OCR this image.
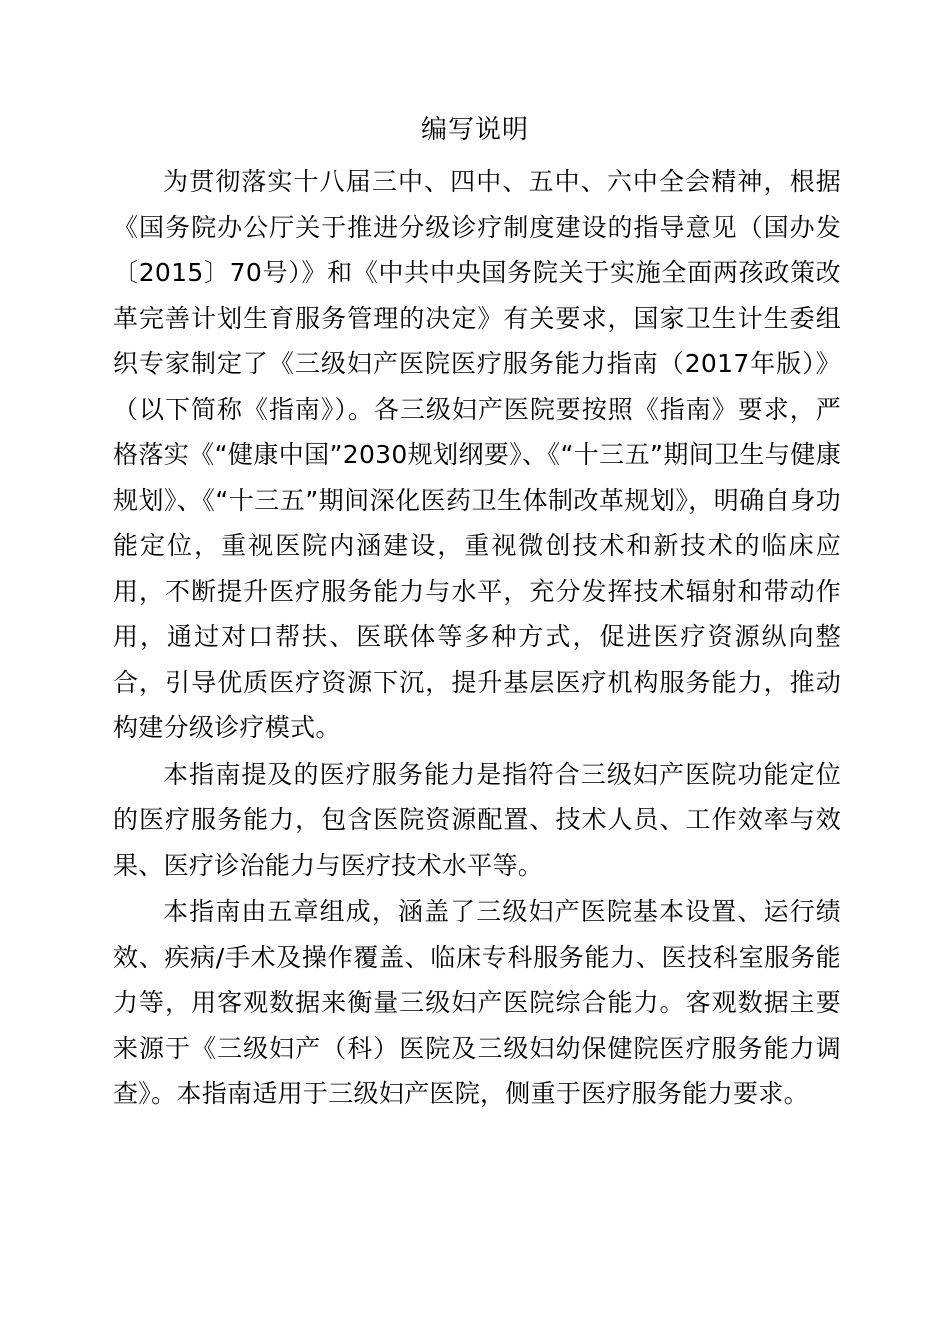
编写说明

为贯彻落实十八届三中、四中、五中、六中全会精神，根据《国务院办公厅关于推进分级诊疗制度建设的指导意见（国办发〔2015〕70号）》和《中共中央国务院关于实施全面两孩政策改革完善计划生育服务管理的决定》有关要求，国家卫生计生委组织专家制定了《三级妇产医院医疗服务能力指南（2017年版）》（以下简称《指南》）。各三级妇产医院要按照《指南》要求，严格落实《“健康中国”2030规划纲要》、《“十三五”期间卫生与健康规划》、《“十三五”期间深化医药卫生体制改革规划》，明确自身功能定位，重视医院内涵建设，重视微创技术和新技术的临床应用，不断提升医疗服务能力与水平，充分发挥技术辐射和带动作用，通过对口帮扶、医联体等多种方式，促进医疗资源纵向整合，引导优质医疗资源下沉，提升基层医疗机构服务能力，推动构建分级诊疗模式。

本指南提及的医疗服务能力是指符合三级妇产医院功能定位的医疗服务能力，包含医院资源配置、技术人员、工作效率与效果、医疗诊治能力与医疗技术水平等。

本指南由五章组成，涵盖了三级妇产医院基本设置、运行绩效、疾病/手术及操作覆盖、临床专科服务能力、医技科室服务能力等，用客观数据来衡量三级妇产医院综合能力。客观数据主要来源于《三级妇产（科）医院及三级妇幼保健院医疗服务能力调查》。本指南适用于三级妇产医院，侧重于医疗服务能力要求。
